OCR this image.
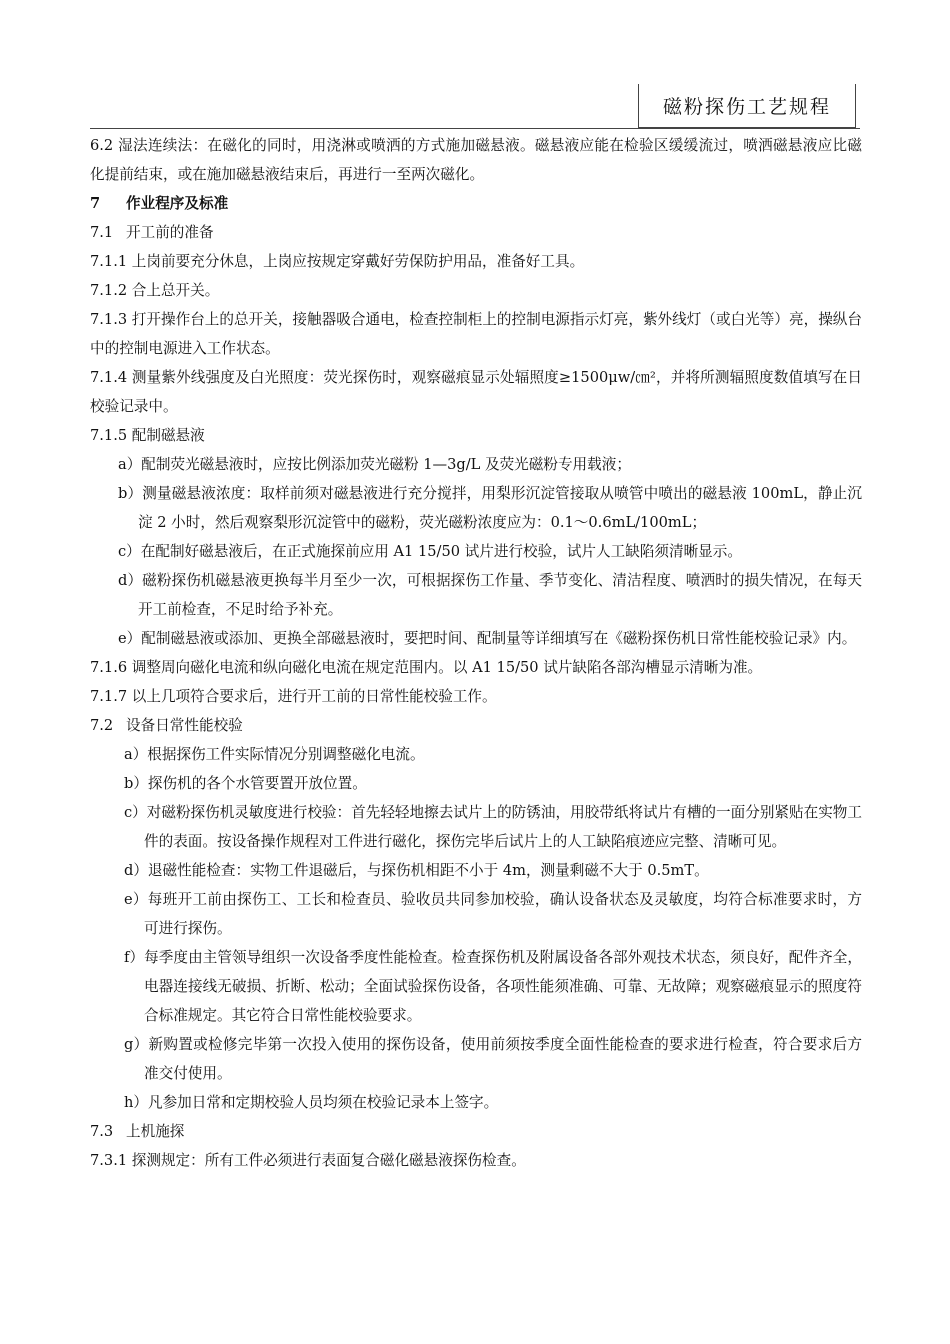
磁粉探伤工艺规程

6.2 湿法连续法：在磁化的同时，用浇淋或喷洒的方式施加磁悬液。磁悬液应能在检验区缓缓流过，喷洒磁悬液应比磁化提前结束，或在施加磁悬液结束后，再进行一至两次磁化。

7 作业程序及标准

7.1 开工前的准备

7.1.1 上岗前要充分休息，上岗应按规定穿戴好劳保防护用品，准备好工具。

7.1.2 合上总开关。

7.1.3 打开操作台上的总开关，接触器吸合通电，检查控制柜上的控制电源指示灯亮，紫外线灯（或白光等）亮，操纵台中的控制电源进入工作状态。

7.1.4 测量紫外线强度及白光照度：荧光探伤时，观察磁痕显示处辐照度≥1500μw/㎝²，并将所测辐照度数值填写在日校验记录中。

7.1.5 配制磁悬液

a）配制荧光磁悬液时，应按比例添加荧光磁粉 1—3g/L 及荧光磁粉专用载液；

b）测量磁悬液浓度：取样前须对磁悬液进行充分搅拌，用梨形沉淀管接取从喷管中喷出的磁悬液 100mL，静止沉淀 2 小时，然后观察梨形沉淀管中的磁粉，荧光磁粉浓度应为：0.1～0.6mL/100mL；

c）在配制好磁悬液后，在正式施探前应用 A1 15/50 试片进行校验，试片人工缺陷须清晰显示。

d）磁粉探伤机磁悬液更换每半月至少一次，可根据探伤工作量、季节变化、清洁程度、喷洒时的损失情况，在每天开工前检查，不足时给予补充。

e）配制磁悬液或添加、更换全部磁悬液时，要把时间、配制量等详细填写在《磁粉探伤机日常性能校验记录》内。

7.1.6 调整周向磁化电流和纵向磁化电流在规定范围内。以 A1 15/50 试片缺陷各部沟槽显示清晰为准。

7.1.7 以上几项符合要求后，进行开工前的日常性能校验工作。

7.2 设备日常性能校验

a）根据探伤工件实际情况分别调整磁化电流。

b）探伤机的各个水管要置开放位置。

c）对磁粉探伤机灵敏度进行校验：首先轻轻地擦去试片上的防锈油，用胶带纸将试片有槽的一面分别紧贴在实物工件的表面。按设备操作规程对工件进行磁化，探伤完毕后试片上的人工缺陷痕迹应完整、清晰可见。

d）退磁性能检查：实物工件退磁后，与探伤机相距不小于 4m，测量剩磁不大于 0.5mT。

e）每班开工前由探伤工、工长和检查员、验收员共同参加校验，确认设备状态及灵敏度，均符合标准要求时，方可进行探伤。

f）每季度由主管领导组织一次设备季度性能检查。检查探伤机及附属设备各部外观技术状态，须良好，配件齐全，电器连接线无破损、折断、松动；全面试验探伤设备，各项性能须准确、可靠、无故障；观察磁痕显示的照度符合标准规定。其它符合日常性能校验要求。

g）新购置或检修完毕第一次投入使用的探伤设备，使用前须按季度全面性能检查的要求进行检查，符合要求后方准交付使用。

h）凡参加日常和定期校验人员均须在校验记录本上签字。

7.3 上机施探

7.3.1 探测规定：所有工件必须进行表面复合磁化磁悬液探伤检查。
